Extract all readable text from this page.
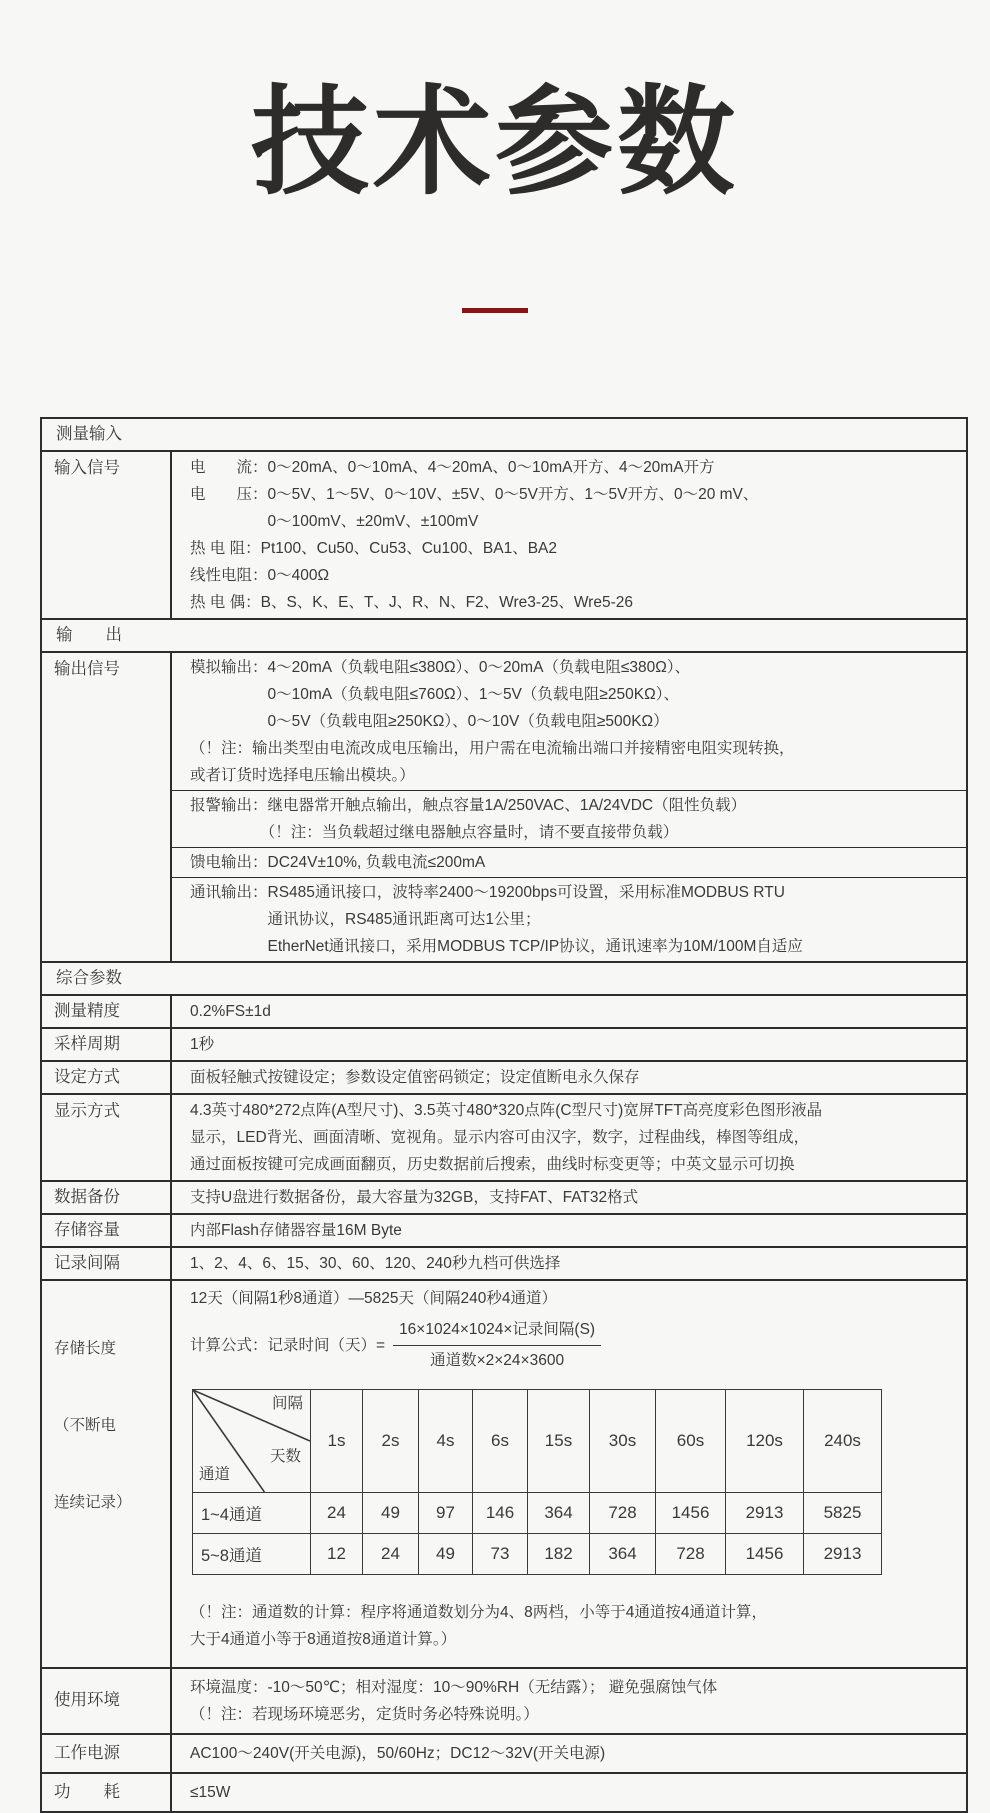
技术参数
测量输入
输入信号	电　　流：0～20mA、0～10mA、4～20mA、0～10mA开方、4～20mA开方
电　　压：0～5V、1～5V、0～10V、±5V、0～5V开方、1～5V开方、0～20 mV、
　　　　　0～100mV、±20mV、±100mV
热 电 阻：Pt100、Cu50、Cu53、Cu100、BA1、BA2
线性电阻：0～400Ω
热 电 偶：B、S、K、E、T、J、R、N、F2、Wre3-25、Wre5-26

输　　出
输出信号	模拟输出：4～20mA（负载电阻≤380Ω）、0～20mA（负载电阻≤380Ω）、
　　　　　0～10mA（负载电阻≤760Ω）、1～5V（负载电阻≥250KΩ）、
　　　　　0～5V（负载电阻≥250KΩ）、0～10V（负载电阻≥500KΩ）
（！注：输出类型由电流改成电压输出，用户需在电流输出端口并接精密电阻实现转换，
或者订货时选择电压输出模块。）
报警输出：继电器常开触点输出，触点容量1A/250VAC、1A/24VDC（阻性负载）
　　　　　（！注：当负载超过继电器触点容量时，请不要直接带负载）
馈电输出：DC24V±10%, 负载电流≤200mA
通讯输出：RS485通讯接口，波特率2400～19200bps可设置，采用标准MODBUS RTU
　　　　　通讯协议，RS485通讯距离可达1公里；
　　　　　EtherNet通讯接口，采用MODBUS TCP/IP协议，通讯速率为10M/100M自适应

综合参数
测量精度	0.2%FS±1d

采样周期	1秒

设定方式	面板轻触式按键设定；参数设定值密码锁定；设定值断电永久保存

显示方式	4.3英寸480*272点阵(A型尺寸)、3.5英寸480*320点阵(C型尺寸)宽屏TFT高亮度彩色图形液晶
显示，LED背光、画面清晰、宽视角。显示内容可由汉字，数字，过程曲线，棒图等组成，
通过面板按键可完成画面翻页，历史数据前后搜索，曲线时标变更等；中英文显示可切换

数据备份	支持U盘进行数据备份，最大容量为32GB，支持FAT、FAT32格式

存储容量	内部Flash存储器容量16M Byte

记录间隔	1、2、4、6、15、30、60、120、240秒九档可供选择

存储长度

（不断电

连续记录）

12天（间隔1秒8通道）—5825天（间隔240秒4通道）
计算公式：记录时间（天）= $\frac{\text{16×1024×1024×记录间隔(S)}}{\text{通道数×2×24×3600}}$
间隔
天数
通道
	1s	2s	4s	6s	15s	30s	60s	120s	240s
1~4通道	24	49	97	146	364	728	1456	2913	5825
5~8通道	12	24	49	73	182	364	728	1456	2913
（！注：通道数的计算：程序将通道数划分为4、8两档，小等于4通道按4通道计算，
大于4通道小等于8通道按8通道计算。）

使用环境	
环境温度：-10～50℃；相对湿度：10～90%RH（无结露）； 避免强腐蚀气体
（！注：若现场环境恶劣，定货时务必特殊说明。）

工作电源	AC100～240V(开关电源)，50/60Hz；DC12～32V(开关电源)

功　　耗	≤15W
